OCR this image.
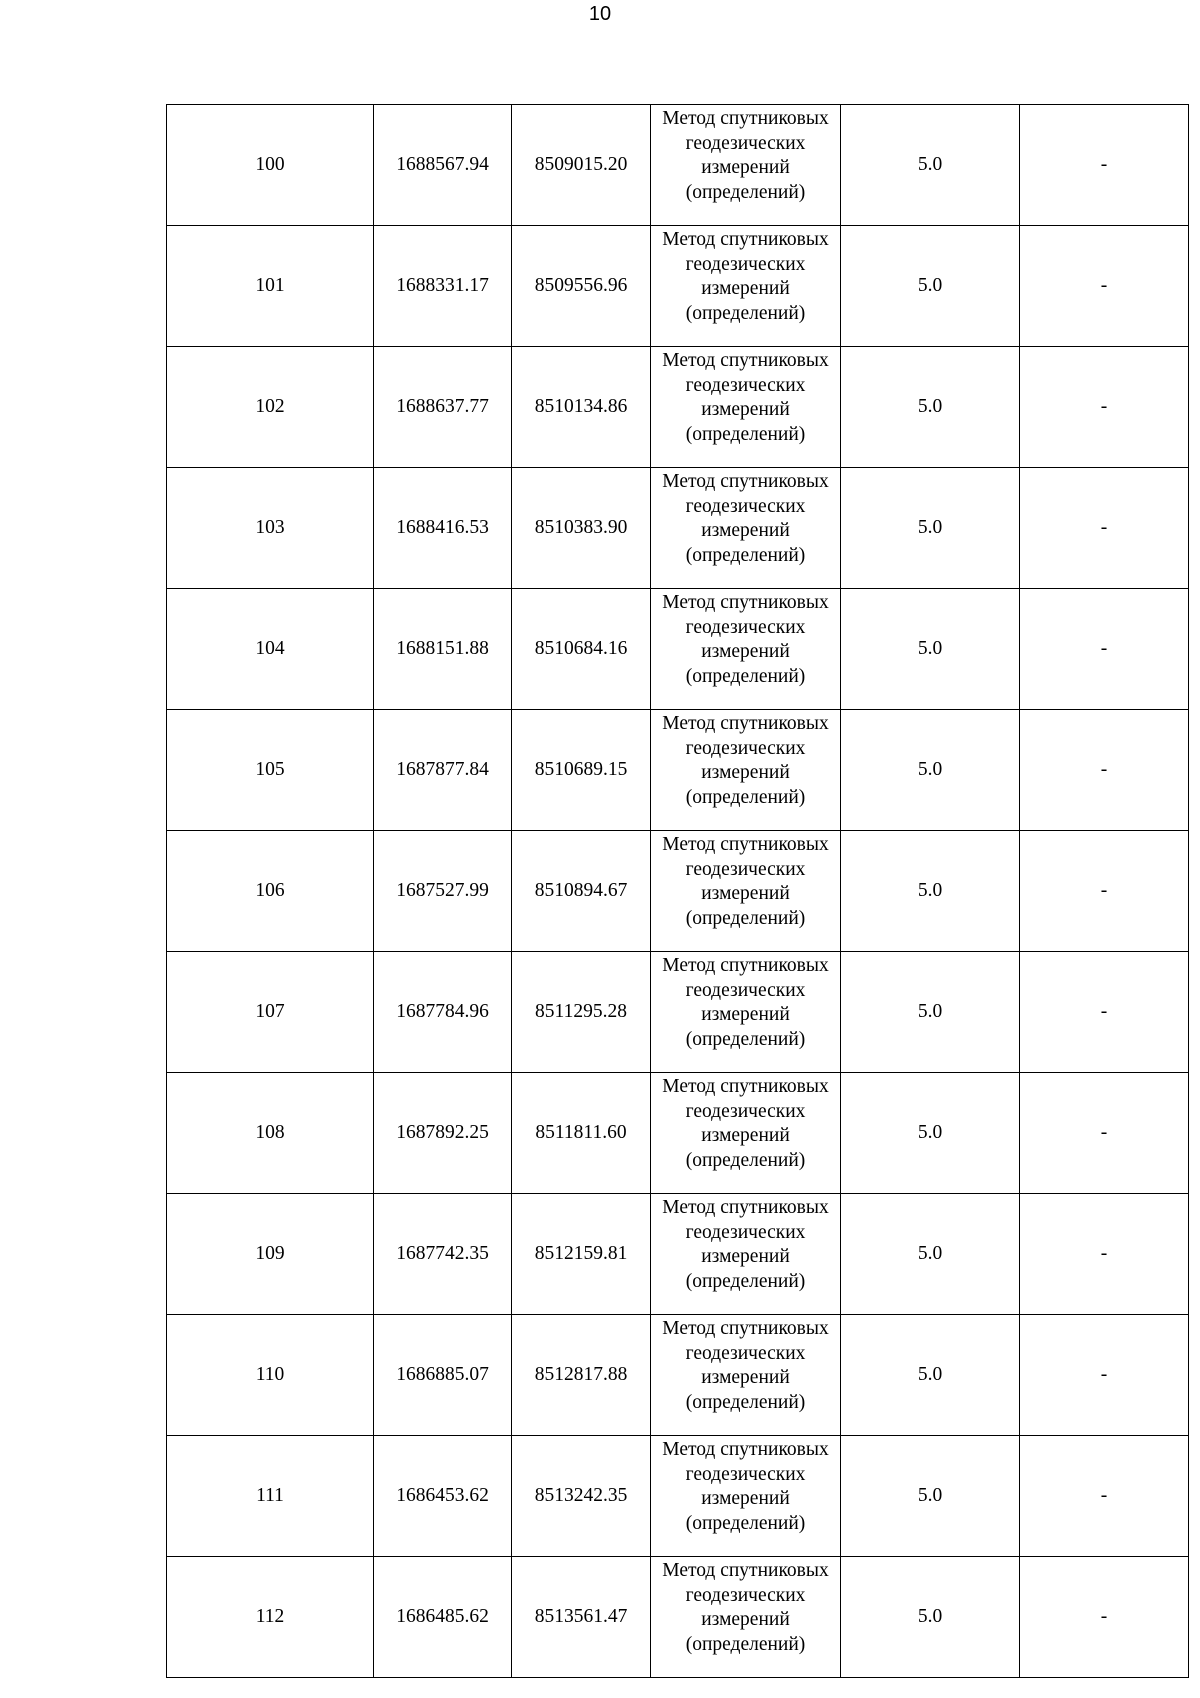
10
100	1688567.94	8509015.20	Метод спутниковых
геодезических
измерений
(определений)	5.0	-
101	1688331.17	8509556.96	Метод спутниковых
геодезических
измерений
(определений)	5.0	-
102	1688637.77	8510134.86	Метод спутниковых
геодезических
измерений
(определений)	5.0	-
103	1688416.53	8510383.90	Метод спутниковых
геодезических
измерений
(определений)	5.0	-
104	1688151.88	8510684.16	Метод спутниковых
геодезических
измерений
(определений)	5.0	-
105	1687877.84	8510689.15	Метод спутниковых
геодезических
измерений
(определений)	5.0	-
106	1687527.99	8510894.67	Метод спутниковых
геодезических
измерений
(определений)	5.0	-
107	1687784.96	8511295.28	Метод спутниковых
геодезических
измерений
(определений)	5.0	-
108	1687892.25	8511811.60	Метод спутниковых
геодезических
измерений
(определений)	5.0	-
109	1687742.35	8512159.81	Метод спутниковых
геодезических
измерений
(определений)	5.0	-
110	1686885.07	8512817.88	Метод спутниковых
геодезических
измерений
(определений)	5.0	-
111	1686453.62	8513242.35	Метод спутниковых
геодезических
измерений
(определений)	5.0	-
112	1686485.62	8513561.47	Метод спутниковых
геодезических
измерений
(определений)	5.0	-
